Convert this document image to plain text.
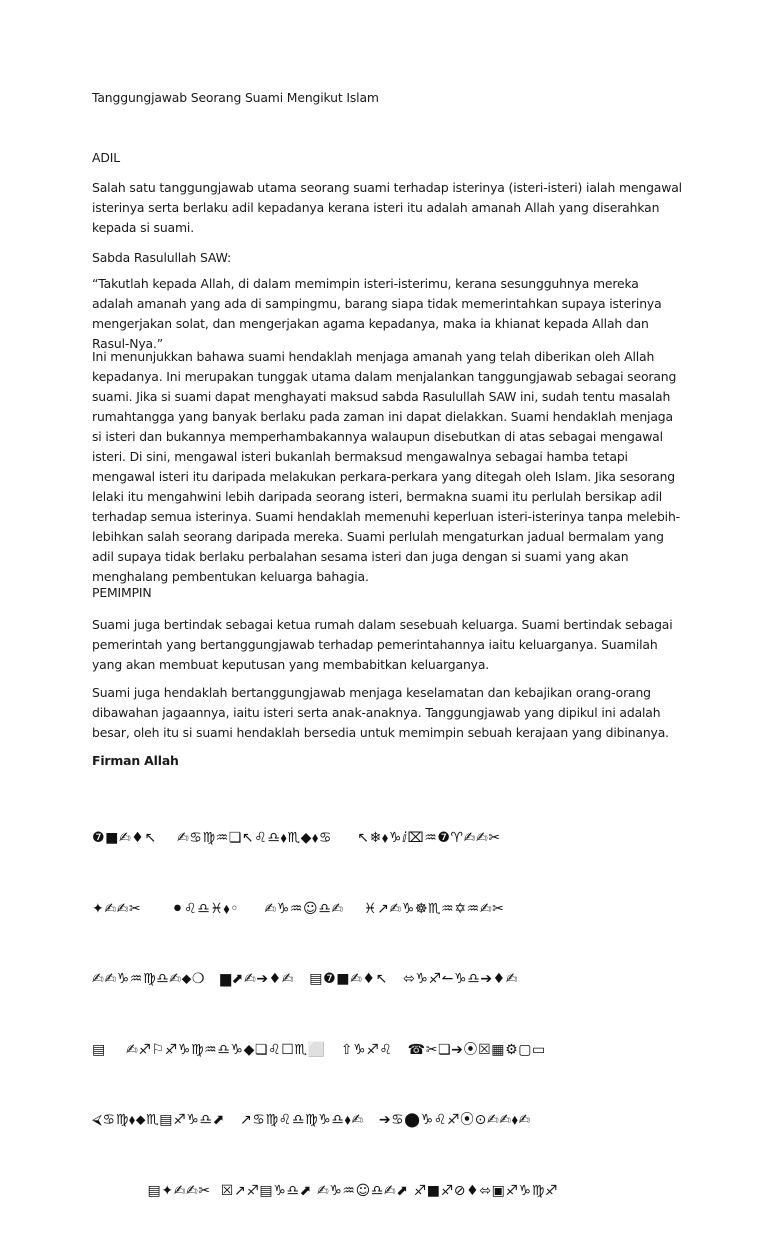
Tanggungjawab Seorang Suami Mengikut Islam

ADIL

Salah satu tanggungjawab utama seorang suami terhadap isterinya (isteri-isteri) ialah mengawal isterinya serta berlaku adil kepadanya kerana isteri itu adalah amanah Allah yang diserahkan kepada si suami.

Sabda Rasulullah SAW:

“Takutlah kepada Allah, di dalam memimpin isteri-isterimu, kerana sesungguhnya mereka adalah amanah yang ada di sampingmu, barang siapa tidak memerintahkan supaya isterinya mengerjakan solat, dan mengerjakan agama kepadanya, maka ia khianat kepada Allah dan Rasul-Nya.”

Ini menunjukkan bahawa suami hendaklah menjaga amanah yang telah diberikan oleh Allah kepadanya. Ini merupakan tunggak utama dalam menjalankan tanggungjawab sebagai seorang suami. Jika si suami dapat menghayati maksud sabda Rasulullah SAW ini, sudah tentu masalah rumahtangga yang banyak berlaku pada zaman ini dapat dielakkan. Suami hendaklah menjaga si isteri dan bukannya memperhambakannya walaupun disebutkan di atas sebagai mengawal isteri. Di sini, mengawal isteri bukanlah bermaksud mengawalnya sebagai hamba tetapi mengawal isteri itu daripada melakukan perkara-perkara yang ditegah oleh Islam. Jika sesorang lelaki itu mengahwini lebih daripada seorang isteri, bermakna suami itu perlulah bersikap adil terhadap semua isterinya. Suami hendaklah memenuhi keperluan isteri-isterinya tanpa melebih-lebihkan salah seorang daripada mereka. Suami perlulah mengaturkan jadual bermalam yang adil supaya tidak berlaku perbalahan sesama isteri dan juga dengan si suami yang akan menghalang pembentukan keluarga bahagia.

PEMIMPIN

Suami juga bertindak sebagai ketua rumah dalam sesebuah keluarga. Suami bertindak sebagai pemerintah yang bertanggungjawab terhadap pemerintahannya iaitu keluarganya. Suamilah yang akan membuat keputusan yang membabitkan keluarganya.

Suami juga hendaklah bertanggungjawab menjaga keselamatan dan kebajikan orang-orang dibawahan jagaannya, iaitu isteri serta anak-anaknya. Tanggungjawab yang dipikul ini adalah besar, oleh itu si suami hendaklah bersedia untuk memimpin sebuah kerajaan yang dibinanya.

Firman Allah

❼■✍♦↖    ✍♋♍♒❏↖♌♎⬧♏◆⬧♋     ↖❄⬧♑ⅈ⌧♒❼♈✍✍✂

✦✍✍✂      ⚫♌♎♓⬧◦     ✍♑♒☺♎✍    ♓↗✍♑☸♏♒✡♒✍✂

✍✍♑♒♍♎✍⬥❍   ▆⬈✍➔♦✍   ▤❼■✍♦↖   ⬄♑♐↼♑♎➔♦✍

▤    ✍♐⚐♐♑♍♒♎♑◆❏♌☐♏⬜   ⇧♑♐♌   ☎✂❏➔⦿☒▦⚙▢▭

⮘♋♍⬧⬥♏▤♐♑♎⬈   ↗♋♍♌♎♍♑♎⬧✍   ➔♋⬤♑♌♐⦿⊙✍✍⬧✍

▤✦✍✍✂  ☒↗♐▤♑♎⬈ ✍♑♒☺♎✍⬈ ♐■♐⊘♦⬄▣♐♑♍♐
